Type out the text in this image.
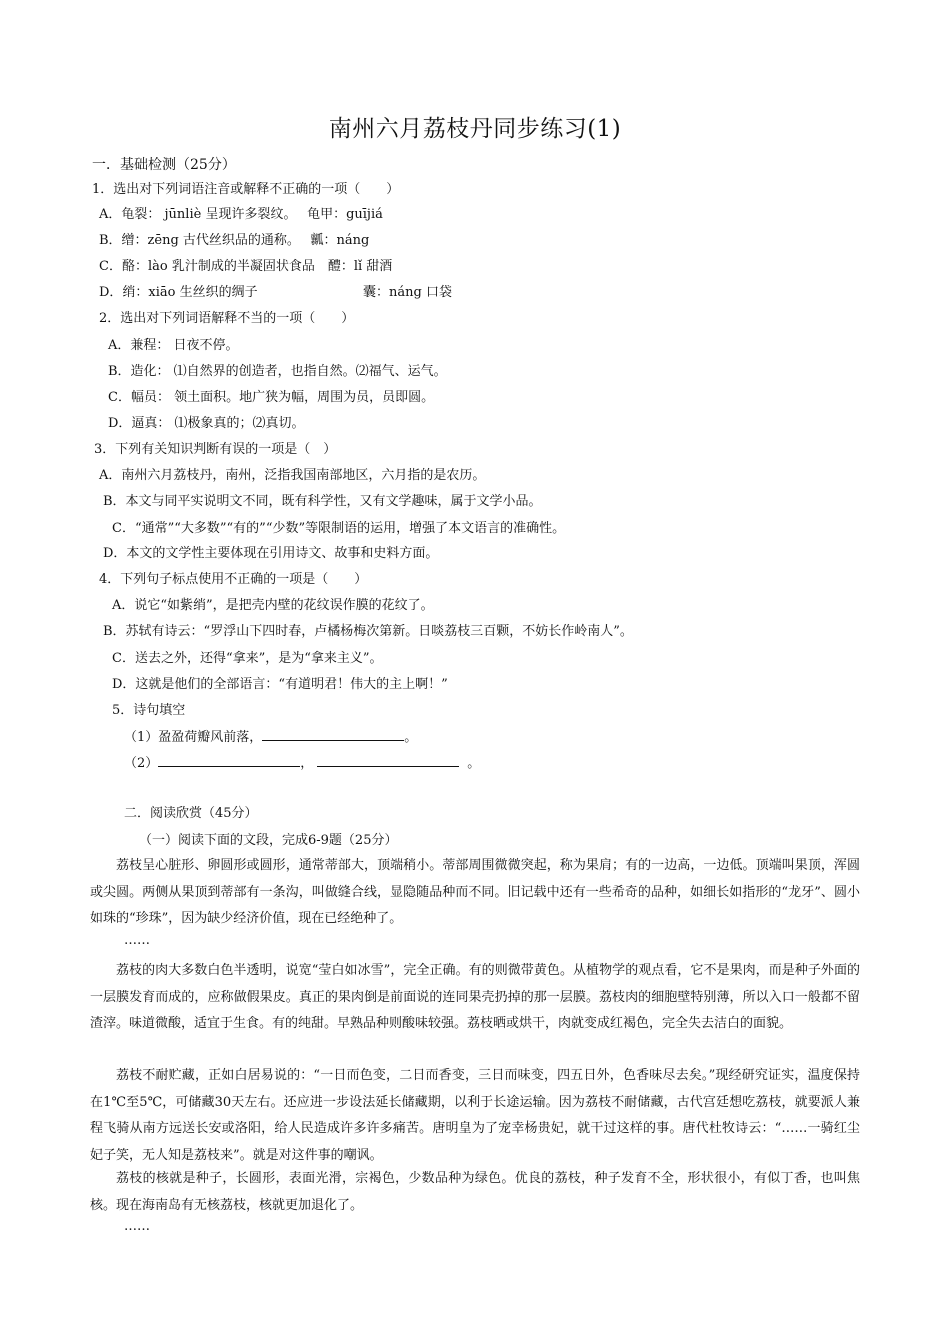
南州六月荔枝丹同步练习(1)
一．基础检测（25分）
1．选出对下列词语注音或解释不正确的一项（　　）
A．龟裂： jūnliè 呈现许多裂纹。　 龟甲：guījiá
B．缯：zēng 古代丝织品的通称。　 瓤：náng
C．酪：lào 乳汁制成的半凝固状食品　醴：lǐ 甜酒
D．绡：xiāo 生丝织的绸子	囊：náng 口袋
2．选出对下列词语解释不当的一项（　　）
A．兼程： 日夜不停。
B．造化： ⑴自然界的创造者，也指自然。⑵福气、运气。
C．幅员： 领土面积。地广狭为幅，周围为员，员即圆。
D．逼真： ⑴极象真的；⑵真切。
3．下列有关知识判断有误的一项是（　）
A．南州六月荔枝丹，南州，泛指我国南部地区，六月指的是农历。
B．本文与同平实说明文不同，既有科学性，又有文学趣味，属于文学小品。
C．“通常”“大多数”“有的”“少数”等限制语的运用，增强了本文语言的准确性。
D．本文的文学性主要体现在引用诗文、故事和史料方面。
4．下列句子标点使用不正确的一项是（　　）
A．说它“如紫绡”，是把壳内壁的花纹误作膜的花纹了。
B．苏轼有诗云：“罗浮山下四时春，卢橘杨梅次第新。日啖荔枝三百颗，不妨长作岭南人”。
C．送去之外，还得“拿来”，是为“拿来主义”。
D．这就是他们的全部语言：“有道明君！伟大的主上啊！”
5．诗句填空
（1）盈盈荷瓣风前落，	。
（2）	，	。
二．阅读欣赏（45分）
（一）阅读下面的文段，完成6-9题（25分）
荔枝呈心脏形、卵圆形或圆形，通常蒂部大，顶端稍小。蒂部周围微微突起，称为果肩；有的一边高，一边低。顶端叫果顶，浑圆或尖圆。两侧从果顶到蒂部有一条沟，叫做缝合线，显隐随品种而不同。旧记载中还有一些希奇的品种，如细长如指形的“龙牙”、圆小如珠的“珍珠”，因为缺少经济价值，现在已经绝种了。
……
荔枝的肉大多数白色半透明，说宽“莹白如冰雪”，完全正确。有的则微带黄色。从植物学的观点看，它不是果肉，而是种子外面的一层膜发育而成的，应称做假果皮。真正的果肉倒是前面说的连同果壳扔掉的那一层膜。荔枝肉的细胞壁特别薄，所以入口一般都不留渣滓。味道微酸，适宜于生食。有的纯甜。早熟品种则酸味较强。荔枝晒或烘干，肉就变成红褐色，完全失去洁白的面貌。
荔枝不耐贮藏，正如白居易说的：“一日而色变，二日而香变，三日而味变，四五日外，色香味尽去矣。”现经研究证实，温度保持在1℃至5℃，可储藏30天左右。还应进一步设法延长储藏期，以利于长途运输。因为荔枝不耐储藏，古代宫廷想吃荔枝，就要派人兼程飞骑从南方远送长安或洛阳，给人民造成许多许多痛苦。唐明皇为了宠幸杨贵妃，就干过这样的事。唐代杜牧诗云：“……一骑红尘妃子笑，无人知是荔枝来”。就是对这件事的嘲讽。
荔枝的核就是种子，长圆形，表面光滑，宗褐色，少数品种为绿色。优良的荔枝，种子发育不全，形状很小，有似丁香，也叫焦核。现在海南岛有无核荔枝，核就更加退化了。
……
